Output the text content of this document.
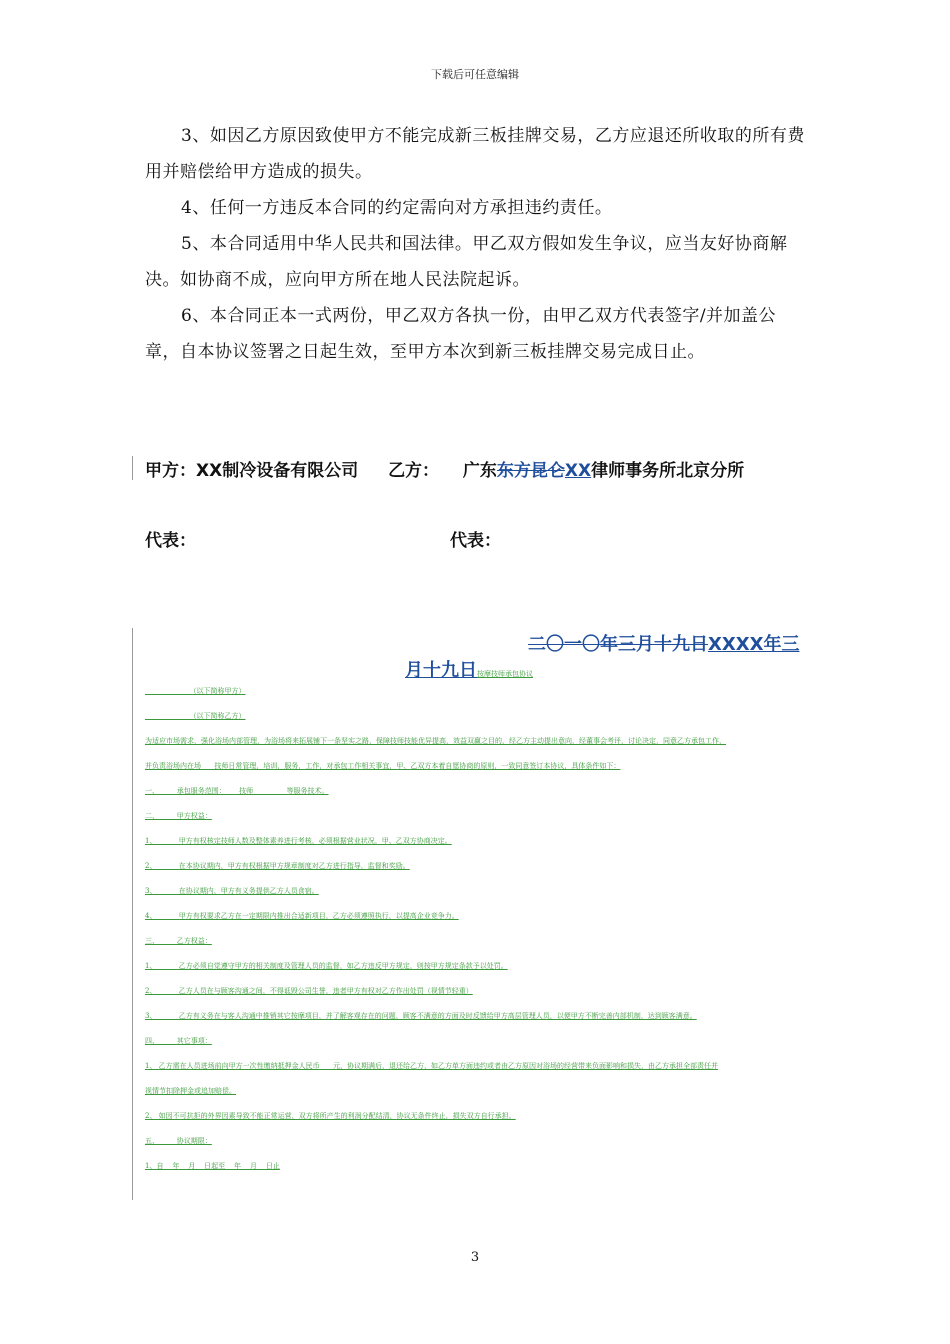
下载后可任意编辑
3、如因乙方原因致使甲方不能完成新三板挂牌交易，乙方应退还所收取的所有费用并赔偿给甲方造成的损失。
4、任何一方违反本合同的约定需向对方承担违约责任。
5、本合同适用中华人民共和国法律。甲乙双方假如发生争议，应当友好协商解决。如协商不成，应向甲方所在地人民法院起诉。
6、本合同正本一式两份，甲乙双方各执一份，由甲乙双方代表签字/并加盖公章，自本协议签署之日起生效，至甲方本次到新三板挂牌交易完成日止。
甲方：XX制冷设备有限公司 乙方： 广东东方昆仑XX律师事务所北京分所
代表：	代表：
二〇一〇年三月十九日XXXX年三
月十九日按摩技师承包协议
（以下简称甲方）
（以下简称乙方）
为适应市场需求，强化浴场内部管理，为浴场将来拓展铺下一条坚实之路，保障技师技能优异提高，效益双赢之目的，经乙方主动提出意向，经董事会考评，讨论决定，同意乙方承包工作，
并负责浴场内在场      技师日常管理，培训，服务，工作，对承包工作相关事宜，甲、乙双方本着自愿协商的原则，一致同意签订本协议，具体条件如下：
一、        承包服务范围：      技师               等服务技术。
二、        甲方权益：
1、          甲方有权核定技师人数及整体素养进行考核，必须根据营业状况，甲、乙双方协商决定。
2、          在本协议期内，甲方有权根据甲方规章制度对乙方进行指导，监督和奖励。
3、          在协议期内，甲方有义务提供乙方人员食宿。
4、          甲方有权要求乙方在一定期限内推出合适新项目，乙方必须遵照执行，以提高企业竞争力。
三、        乙方权益：
1、          乙方必须自觉遵守甲方的相关制度及管理人员的监督，如乙方违反甲方规定，则按甲方规定条款予以处罚。
2、          乙方人员在与顾客沟通之间，不得诋毁公司生誉，违者甲方有权对乙方作出处罚（视情节轻重）
3、          乙方有义务在与客人沟通中推销其它按摩项目，并了解客观存在的问题，顾客不满意的方面及时反馈给甲方高层管理人员，以便甲方不断完善内部机制，达到顾客满意。
四、        其它事项：
1、 乙方需在人员进场前向甲方一次性缴纳抵押金人民币      元，协议期满后，退还给乙方，如乙方单方面违约或者由乙方原因对浴场的经营带来负面影响和损失，由乙方承担全部责任并
视情节扣除押金或追加赔偿。
2、 如因不可抗拒的外界因素导致不能正常运营，双方将所产生的利润分配结清，协议无条件终止，损失双方自行承担。
五、        协议期限：
1、自    年    月    日起至    年    月    日止
3
